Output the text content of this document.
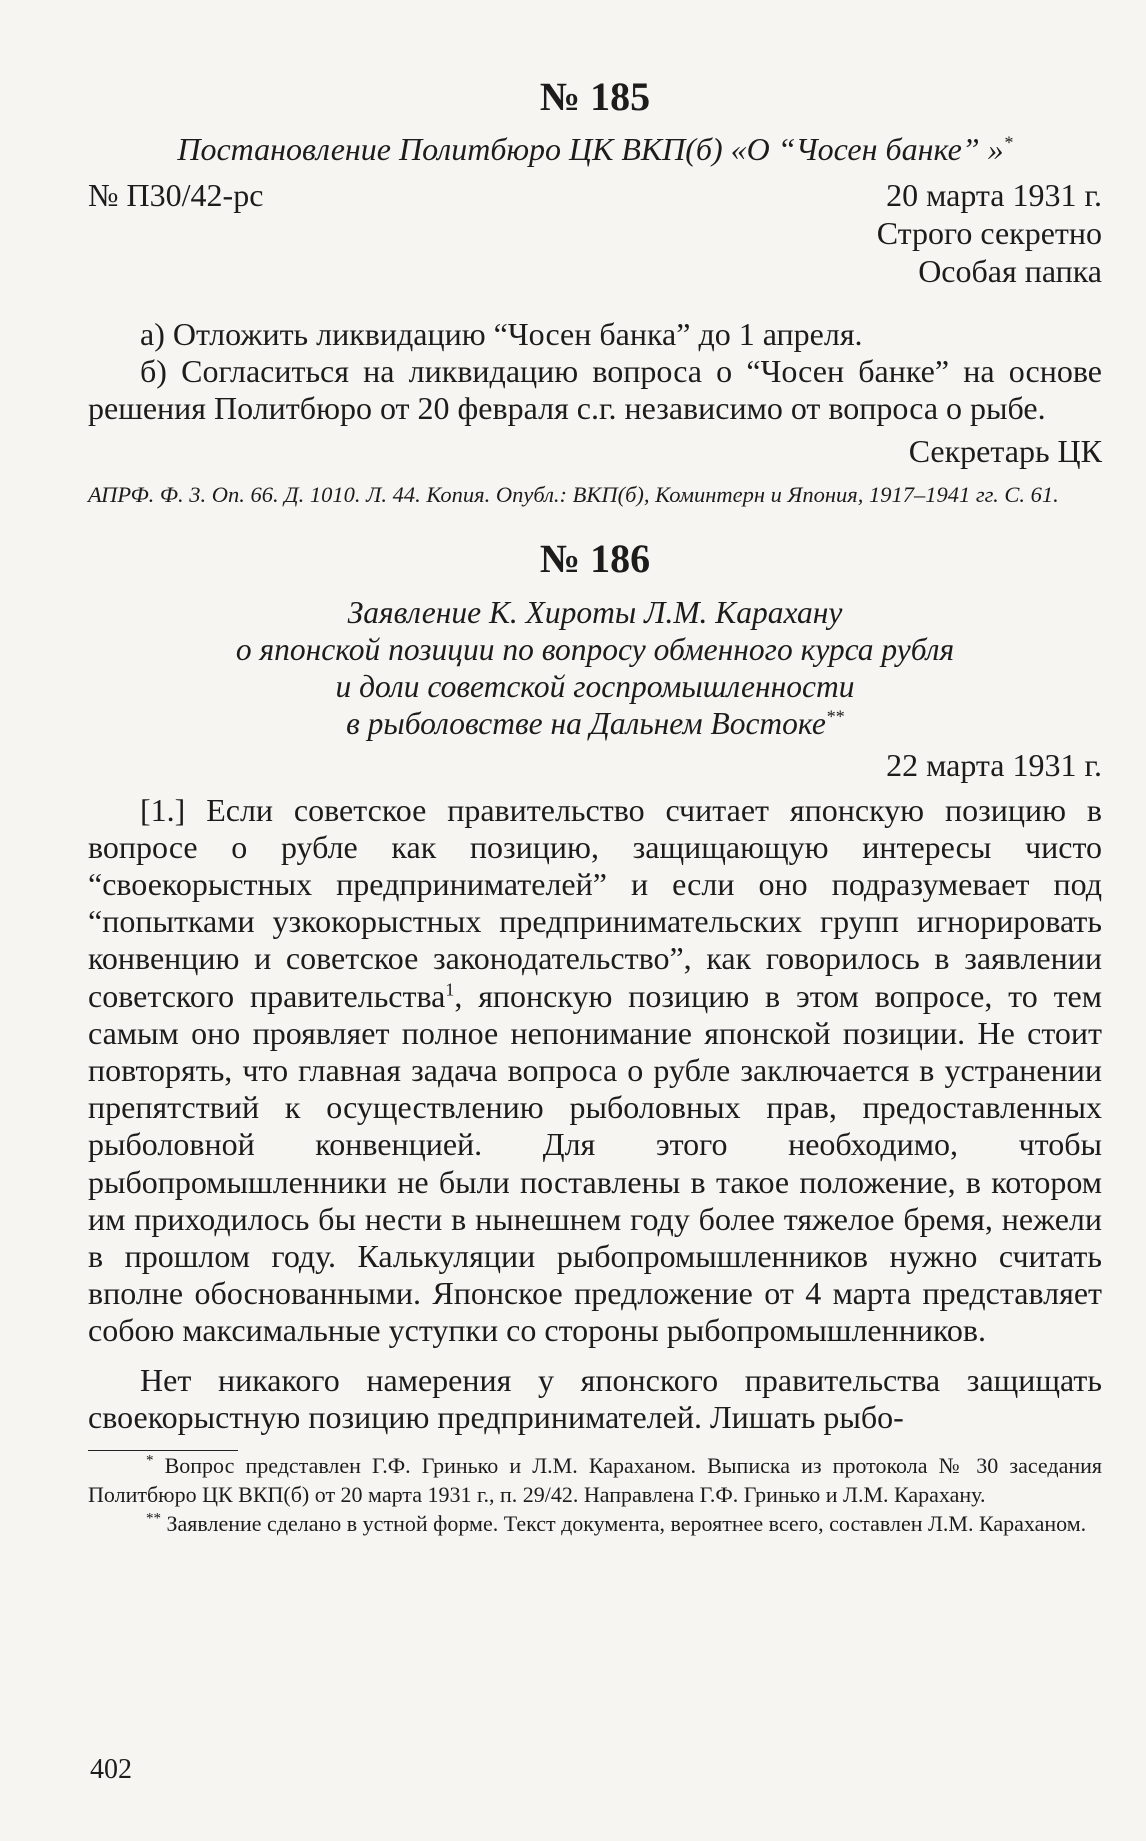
№ 185
Постановление Политбюро ЦК ВКП(б) «О “Чосен банке” »*
№ П30/42-рс	20 марта 1931 г.
Строго секретно
Особая папка

а) Отложить ликвидацию “Чосен банка” до 1 апреля.

б) Согласиться на ликвидацию вопроса о “Чосен банке” на основе решения Политбюро от 20 февраля с.г. независимо от вопроса о рыбе.

Секретарь ЦК
АПРФ. Ф. 3. Оп. 66. Д. 1010. Л. 44. Копия. Опубл.: ВКП(б), Коминтерн и Япония, 1917–1941 гг. С. 61.
№ 186
Заявление К. Хироты Л.М. Карахану
о японской позиции по вопросу обменного курса рубля
и доли советской госпромышленности
в рыболовстве на Дальнем Востоке**
22 марта 1931 г.

[1.] Если советское правительство считает японскую позицию в вопросе о рубле как позицию, защищающую интересы чисто “своекорыстных предпринимателей” и если оно подразумевает под “попытками узкокорыстных предпринимательских групп игнорировать конвенцию и советское законодательство”, как говорилось в заявлении советского правительства$^1$, японскую позицию в этом вопросе, то тем самым оно проявляет полное непонимание японской позиции. Не стоит повторять, что главная задача вопроса о рубле заключается в устранении препятствий к осуществлению рыболовных прав, предоставленных рыболовной конвенцией. Для этого необходимо, чтобы рыбопромышленники не были поставлены в такое положение, в котором им приходилось бы нести в нынешнем году более тяжелое бремя, нежели в прошлом году. Калькуляции рыбопромышленников нужно считать вполне обоснованными. Японское предложение от 4 марта представляет собою максимальные уступки со стороны рыбопромышленников.

Нет никакого намерения у японского правительства защищать своекорыстную позицию предпринимателей. Лишать рыбо-

* Вопрос представлен Г.Ф. Гринько и Л.М. Караханом. Выписка из протокола № 30 заседания Политбюро ЦК ВКП(б) от 20 марта 1931 г., п. 29/42. Направлена Г.Ф. Гринько и Л.М. Карахану.
** Заявление сделано в устной форме. Текст документа, вероятнее всего, составлен Л.М. Караханом.
402
